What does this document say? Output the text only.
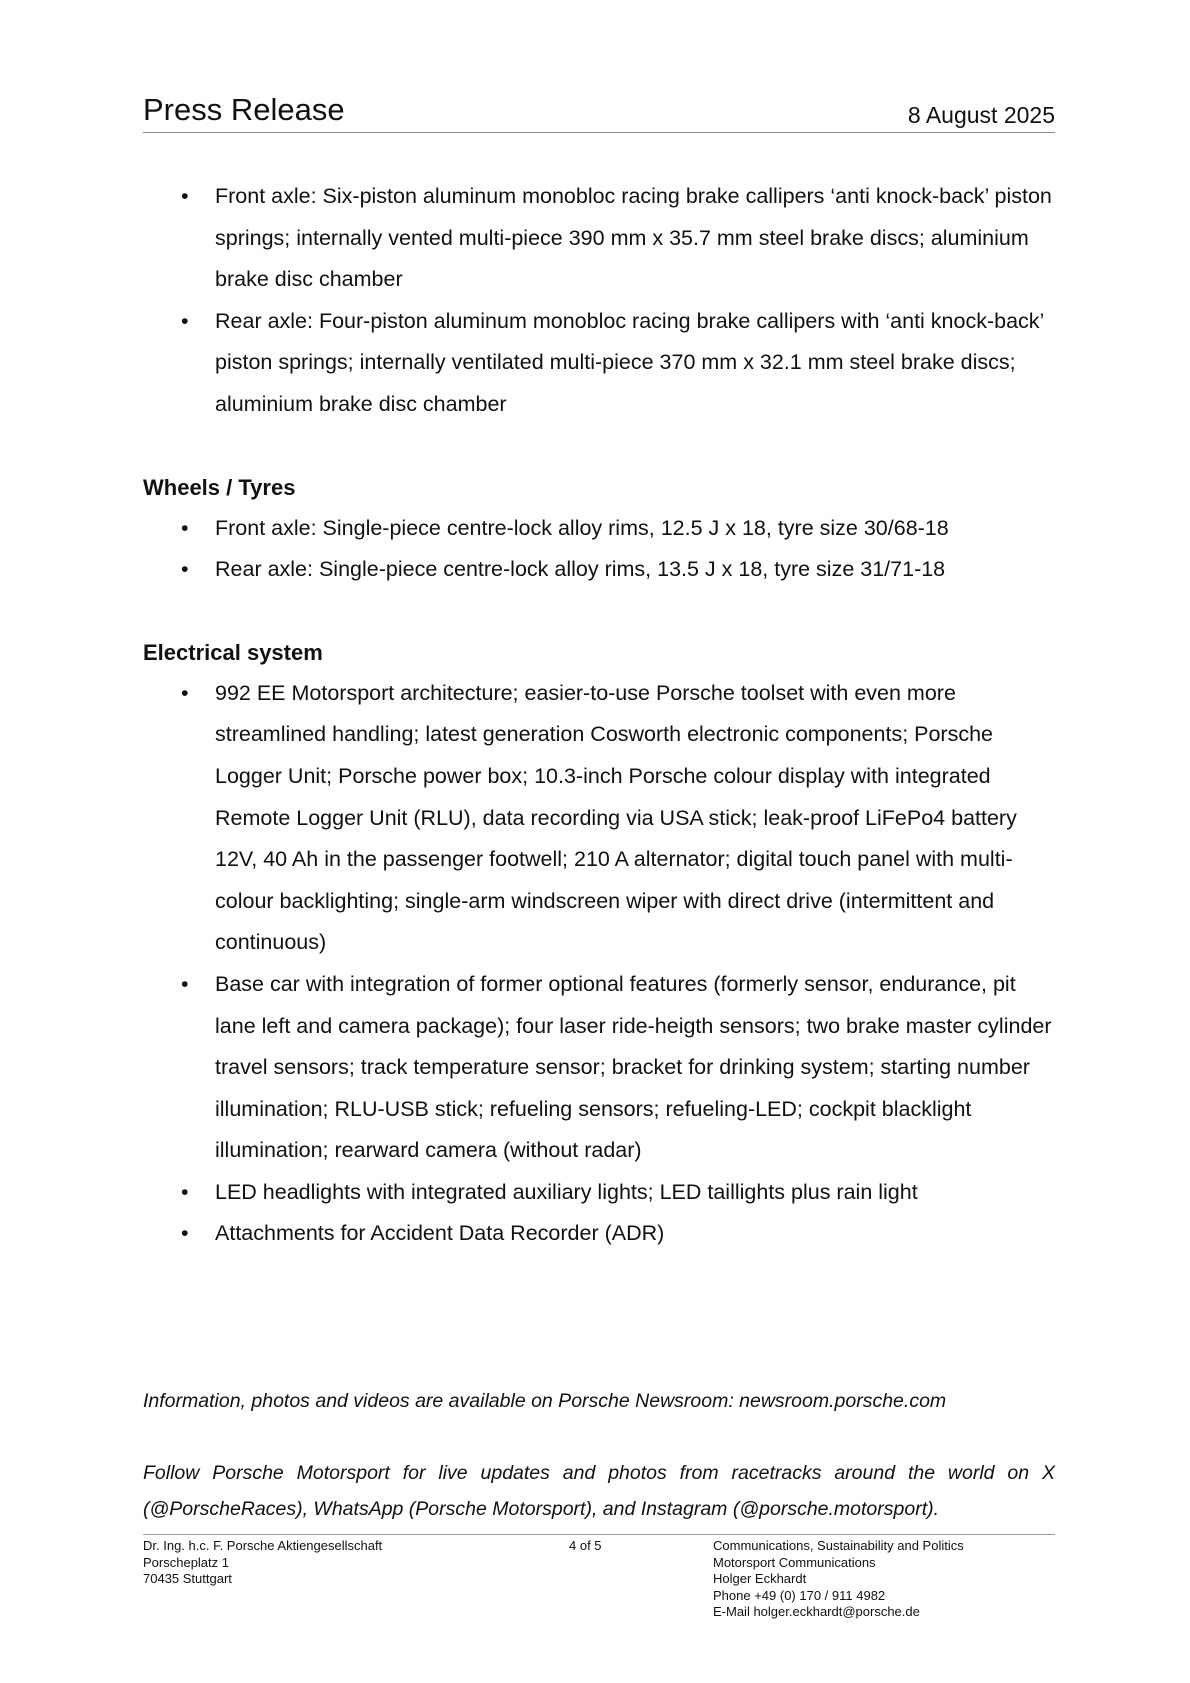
Press Release	8 August 2025
• Front axle: Six-piston aluminum monobloc racing brake callipers ‘anti knock-back’ piston springs; internally vented multi-piece 390 mm x 35.7 mm steel brake discs; aluminium brake disc chamber
• Rear axle: Four-piston aluminum monobloc racing brake callipers with ‘anti knock-back’ piston springs; internally ventilated multi-piece 370 mm x 32.1 mm steel brake discs; aluminium brake disc chamber
Wheels / Tyres
• Front axle: Single-piece centre-lock alloy rims, 12.5 J x 18, tyre size 30/68-18
• Rear axle: Single-piece centre-lock alloy rims, 13.5 J x 18, tyre size 31/71-18
Electrical system
• 992 EE Motorsport architecture; easier-to-use Porsche toolset with even more streamlined handling; latest generation Cosworth electronic components; Porsche Logger Unit; Porsche power box; 10.3-inch Porsche colour display with integrated Remote Logger Unit (RLU), data recording via USA stick; leak-proof LiFePo4 battery 12V, 40 Ah in the passenger footwell; 210 A alternator; digital touch panel with multi-colour backlighting; single-arm windscreen wiper with direct drive (intermittent and continuous)
• Base car with integration of former optional features (formerly sensor, endurance, pit lane left and camera package); four laser ride-heigth sensors; two brake master cylinder travel sensors; track temperature sensor; bracket for drinking system; starting number illumination; RLU-USB stick; refueling sensors; refueling-LED; cockpit blacklight illumination; rearward camera (without radar)
• LED headlights with integrated auxiliary lights; LED taillights plus rain light
• Attachments for Accident Data Recorder (ADR)
Information, photos and videos are available on Porsche Newsroom: newsroom.porsche.com
Follow Porsche Motorsport for live updates and photos from racetracks around the world on X (@PorscheRaces), WhatsApp (Porsche Motorsport), and Instagram (@porsche.motorsport).
Dr. Ing. h.c. F. Porsche Aktiengesellschaft
Porscheplatz 1
70435 Stuttgart
4 of 5	Communications, Sustainability and Politics
Motorsport Communications
Holger Eckhardt
Phone +49 (0) 170 / 911 4982
E-Mail holger.eckhardt@porsche.de
